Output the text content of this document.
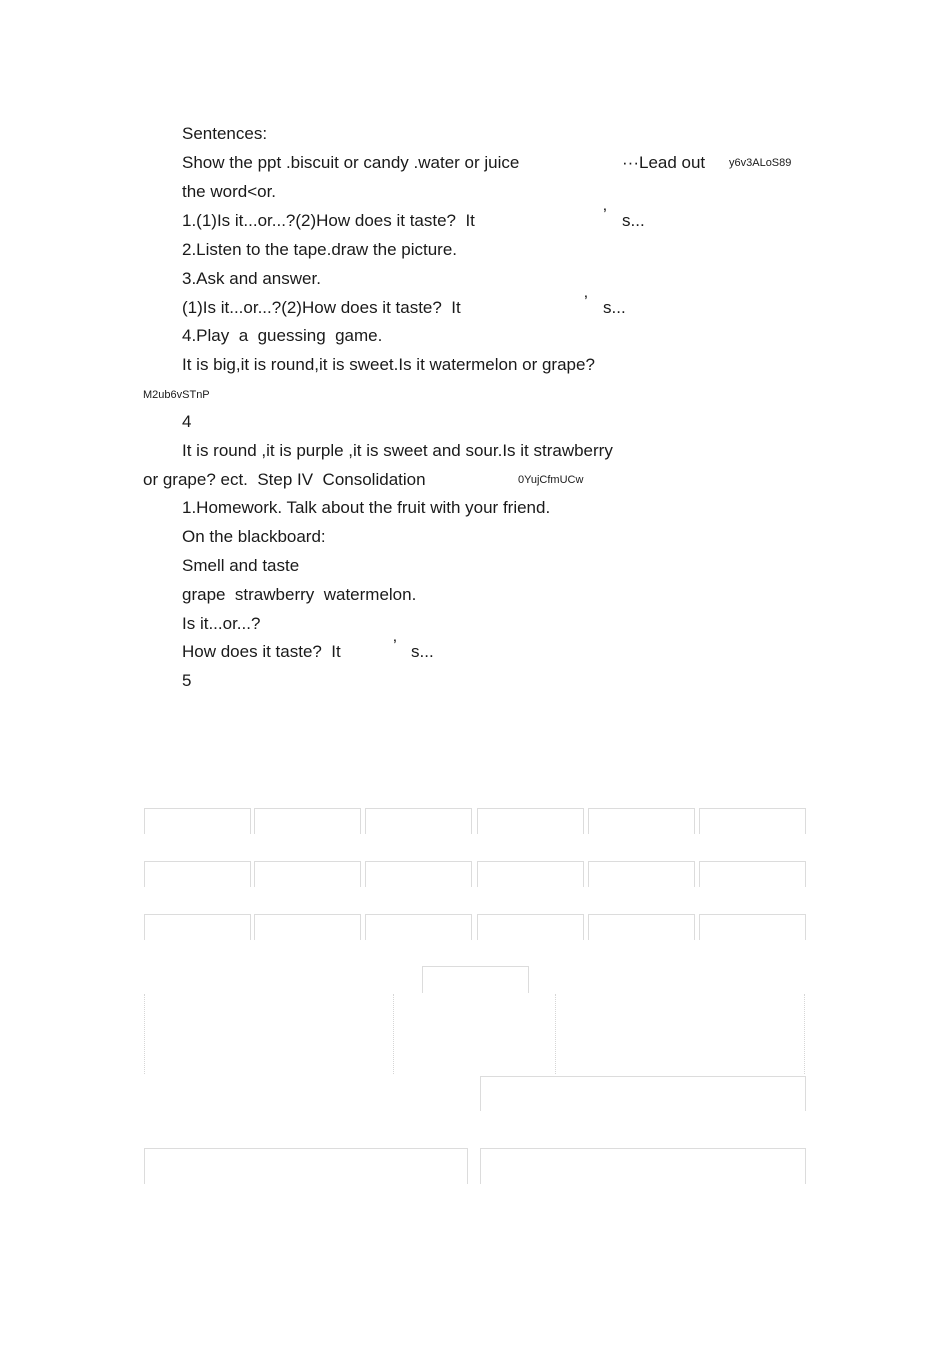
Sentences:
Show the ppt .biscuit or candy .water or juice	···Lead out y6v3ALoS89
the word<or.
1.(1)Is it...or...?(2)How does it taste?  It	’ s...
2.Listen to the tape.draw the picture.
3.Ask and answer.
(1)Is it...or...?(2)How does it taste?  It	’ s...
4.Play  a  guessing  game.
It is big,it is round,it is sweet.Is it watermelon or grape?
M2ub6vSTnP
4
It is round ,it is purple ,it is sweet and sour.Is it strawberry
or grape? ect.  Step IV  Consolidation	0YujCfmUCw
1.Homework. Talk about the fruit with your friend.
On the blackboard:
Smell and taste
grape  strawberry  watermelon.
Is it...or...?
How does it taste?  It	’ s...
5
